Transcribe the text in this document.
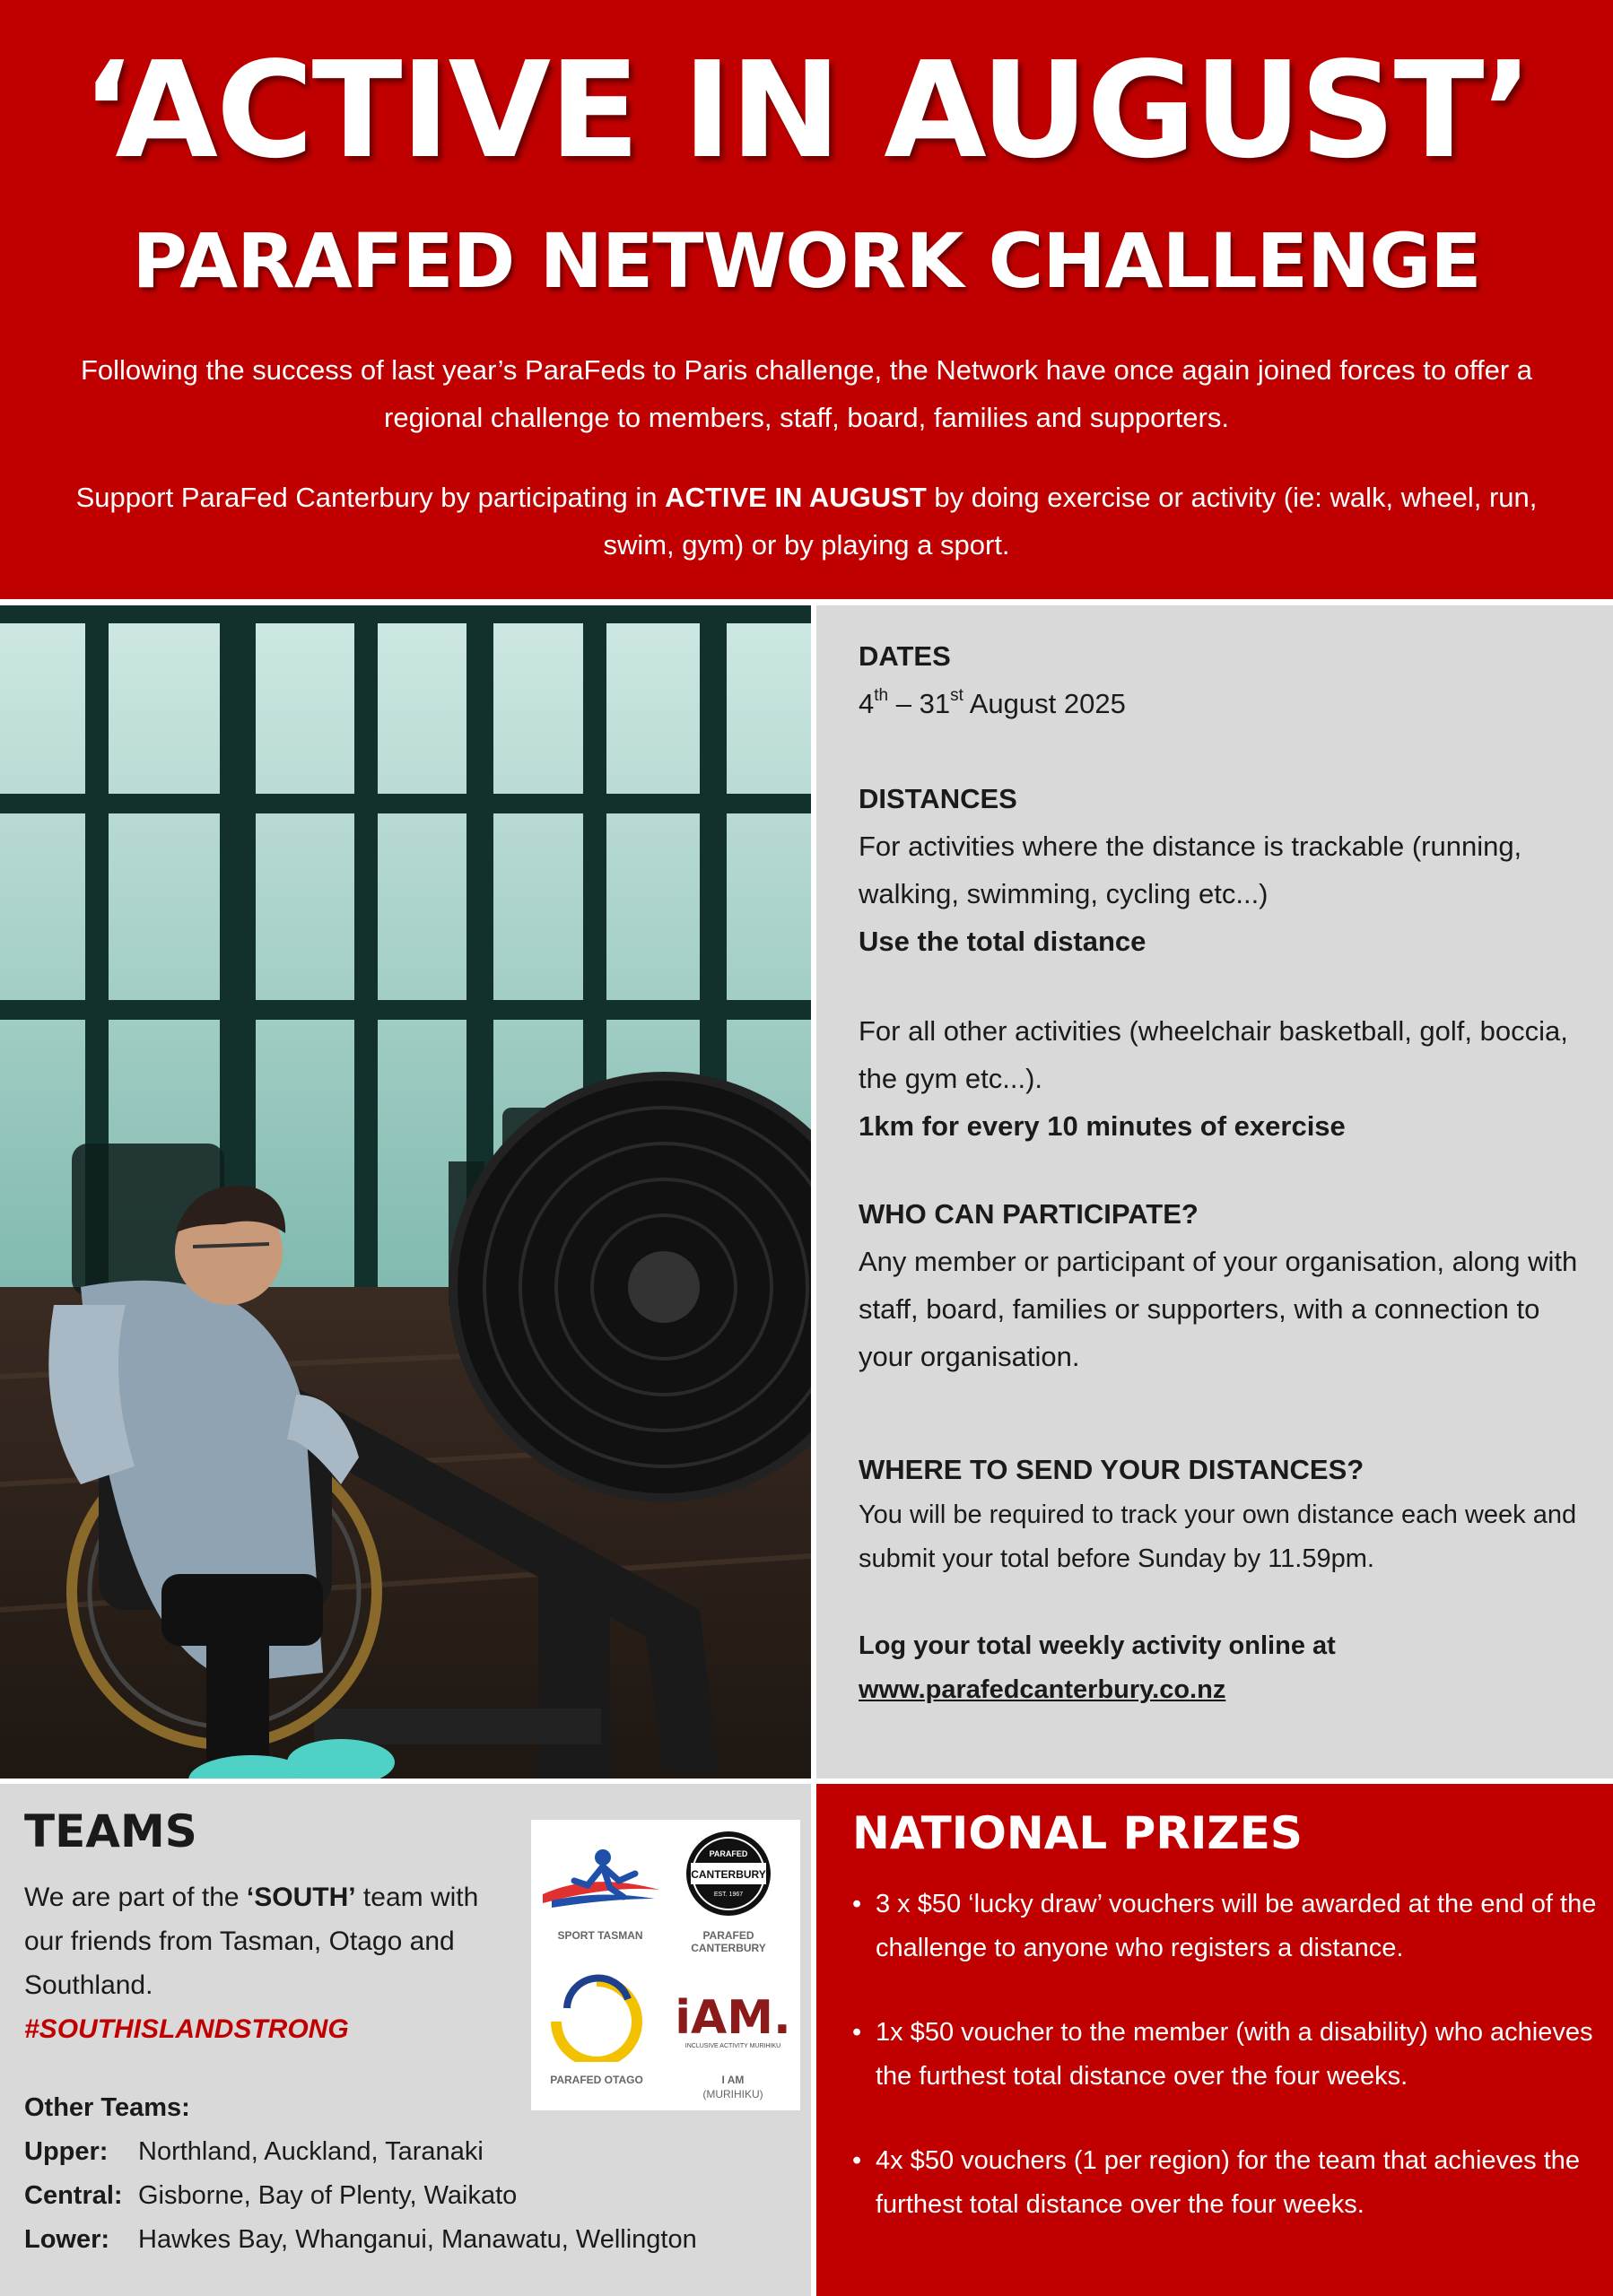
‘ACTIVE IN AUGUST’
PARAFED NETWORK CHALLENGE

Following the success of last year’s ParaFeds to Paris challenge, the Network have once again joined forces to offer a regional challenge to members, staff, board, families and supporters.

Support ParaFed Canterbury by participating in ACTIVE IN AUGUST by doing exercise or activity (ie: walk, wheel, run, swim, gym) or by playing a sport.

DATES
4th – 31st August 2025
DISTANCES
For activities where the distance is trackable (running, walking, swimming, cycling etc...)
Use the total distance
For all other activities (wheelchair basketball, golf, boccia, the gym etc...).
1km for every 10 minutes of exercise
WHO CAN PARTICIPATE?
Any member or participant of your organisation, along with staff, board, families or supporters, with a connection to your organisation.
WHERE TO SEND YOUR DISTANCES?
You will be required to track your own distance each week and submit your total before Sunday by 11.59pm.
Log your total weekly activity online at
www.parafedcanterbury.co.nz
TEAMS

We are part of the ‘SOUTH’ team with our friends from Tasman, Otago and Southland.

#SOUTHISLANDSTRONG
Other Teams:
Upper: Northland, Auckland, Taranaki
Central: Gisborne, Bay of Plenty, Waikato
Lower: Hawkes Bay, Whanganui, Manawatu, Wellington
SPORT TASMAN
PARAFED
CANTERBURY
EST. 1967
PARAFED CANTERBURY
PARAFED OTAGO
iAM.
INCLUSIVE ACTIVITY MURIHIKU
I AM
(MURIHIKU)
NATIONAL PRIZES
• 3 x $50 ‘lucky draw’ vouchers will be awarded at the end of the challenge to anyone who registers a distance.
• 1x $50 voucher to the member (with a disability) who achieves the furthest total distance over the four weeks.
• 4x $50 vouchers (1 per region) for the team that achieves the furthest total distance over the four weeks.
